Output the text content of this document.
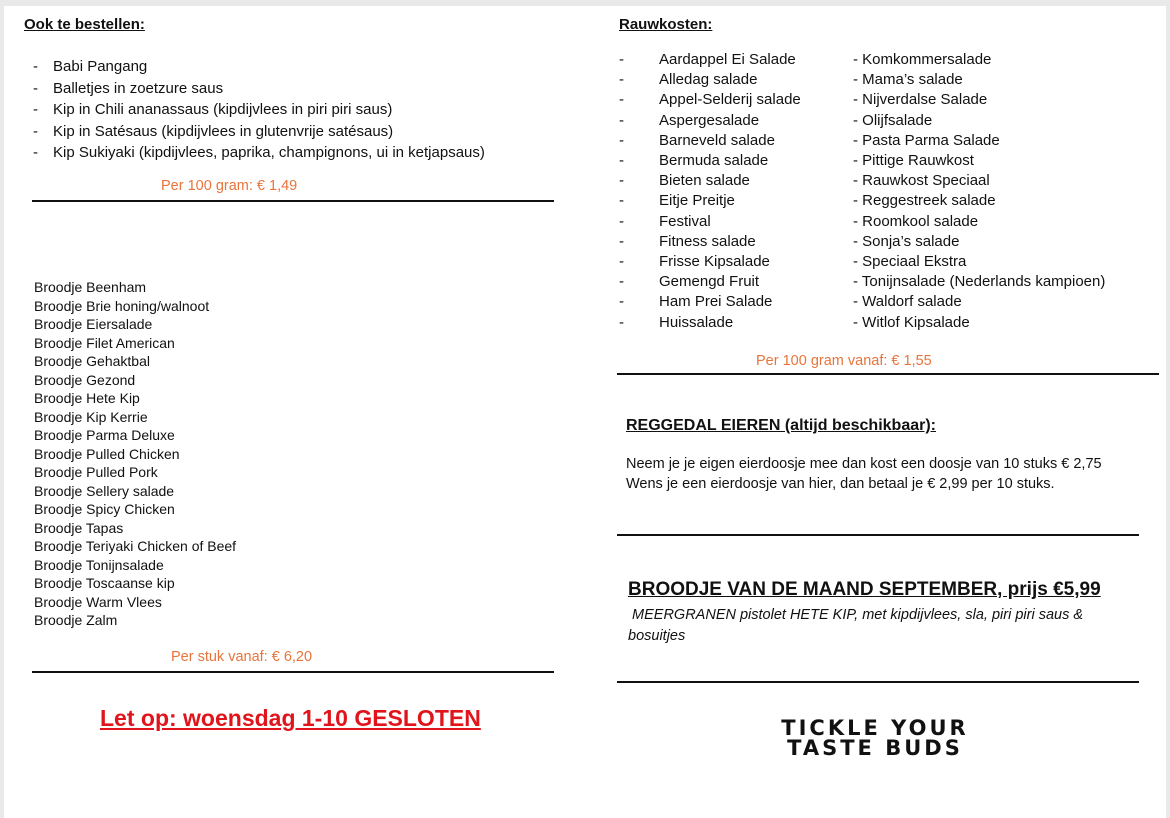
Ook te bestellen:
- Babi Pangang
- Balletjes in zoetzure saus
- Kip in Chili ananassaus (kipdijvlees in piri piri saus)
- Kip in Satésaus (kipdijvlees in glutenvrije satésaus)
- Kip Sukiyaki (kipdijvlees, paprika, champignons, ui in ketjapsaus)
Per 100 gram: € 1,49
Broodje Beenham
Broodje Brie honing/walnoot
Broodje Eiersalade
Broodje Filet American
Broodje Gehaktbal
Broodje Gezond
Broodje Hete Kip
Broodje Kip Kerrie
Broodje Parma Deluxe
Broodje Pulled Chicken
Broodje Pulled Pork
Broodje Sellery salade
Broodje Spicy Chicken
Broodje Tapas
Broodje Teriyaki Chicken of Beef
Broodje Tonijnsalade
Broodje Toscaanse kip
Broodje Warm Vlees
Broodje Zalm
Per stuk vanaf: € 6,20
Let op: woensdag 1-10 GESLOTEN
Rauwkosten:
- Aardappel Ei Salade
- Alledag salade
- Appel-Selderij salade
- Aspergesalade
- Barneveld salade
- Bermuda salade
- Bieten salade
- Eitje Preitje
- Festival
- Fitness salade
- Frisse Kipsalade
- Gemengd Fruit
- Ham Prei Salade
- Huissalade
- Komkommersalade
- Mama’s salade
- Nijverdalse Salade
- Olijfsalade
- Pasta Parma Salade
- Pittige Rauwkost
- Rauwkost Speciaal
- Reggestreek salade
- Roomkool salade
- Sonja’s salade
- Speciaal Ekstra
- Tonijnsalade (Nederlands kampioen)
- Waldorf salade
- Witlof Kipsalade
Per 100 gram vanaf: € 1,55
REGGEDAL EIEREN (altijd beschikbaar):
Neem je je eigen eierdoosje mee dan kost een doosje van 10 stuks € 2,75
Wens je een eierdoosje van hier, dan betaal je € 2,99 per 10 stuks.
BROODJE VAN DE MAAND SEPTEMBER, prijs €5,99
MEERGRANEN pistolet HETE KIP, met kipdijvlees, sla, piri piri saus & bosuitjes
TICKLE YOUR
TASTE BUDS
